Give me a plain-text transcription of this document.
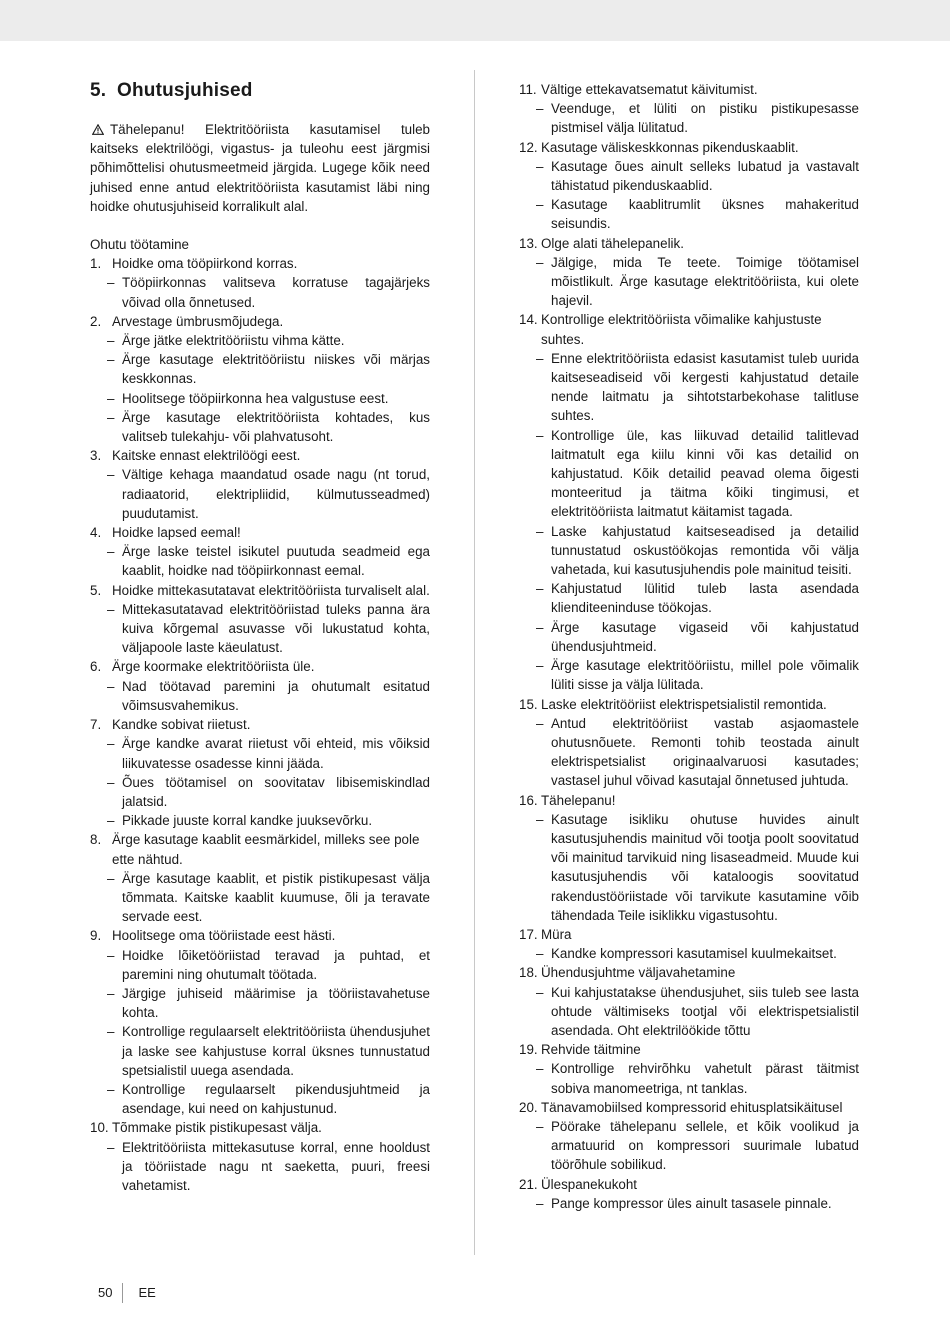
5. Ohutusjuhised

Tähelepanu! Elektritööriista kasutamisel tuleb kaitseks elektrilöögi, vigastus- ja tuleohu eest järgmisi põhimõttelisi ohutusmeetmeid järgida. Lugege kõik need juhised enne antud elektritööriista kasutamist läbi ning hoidke ohutusjuhiseid korralikult alal.

Ohutu töötamine
1. Hoidke oma tööpiirkond korras.
– Tööpiirkonnas valitseva korratuse tagajärjeks võivad olla õnnetused.
2. Arvestage ümbrusmõjudega.
– Ärge jätke elektritööriistu vihma kätte.
– Ärge kasutage elektritööriistu niiskes või märjas keskkonnas.
– Hoolitsege tööpiirkonna hea valgustuse eest.
– Ärge kasutage elektritööriista kohtades, kus valitseb tulekahju- või plahvatusoht.
3. Kaitske ennast elektrilöögi eest.
– Vältige kehaga maandatud osade nagu (nt torud, radiaatorid, elektripliidid, külmutusseadmed) puudutamist.
4. Hoidke lapsed eemal!
– Ärge laske teistel isikutel puutuda seadmeid ega kaablit, hoidke nad tööpiirkonnast eemal.
5. Hoidke mittekasutatavat elektritööriista turvaliselt alal.
– Mittekasutatavad elektritööriistad tuleks panna ära kuiva kõrgemal asuvasse või lukustatud kohta, väljapoole laste käeulatust.
6. Ärge koormake elektritööriista üle.
– Nad töötavad paremini ja ohutumalt esitatud võimsusvahemikus.
7. Kandke sobivat riietust.
– Ärge kandke avarat riietust või ehteid, mis võiksid liikuvatesse osadesse kinni jääda.
– Õues töötamisel on soovitatav libisemiskindlad jalatsid.
– Pikkade juuste korral kandke juuksevõrku.
8. Ärge kasutage kaablit eesmärkidel, milleks see pole ette nähtud.
– Ärge kasutage kaablit, et pistik pistikupesast välja tõmmata. Kaitske kaablit kuumuse, õli ja teravate servade eest.
9. Hoolitsege oma tööriistade eest hästi.
– Hoidke lõiketööriistad teravad ja puhtad, et paremini ning ohutumalt töötada.
– Järgige juhiseid määrimise ja tööriistavahetuse kohta.
– Kontrollige regulaarselt elektritööriista ühendusjuhet ja laske see kahjustuse korral üksnes tunnustatud spetsialistil uuega asendada.
– Kontrollige regulaarselt pikendusjuhtmeid ja asendage, kui need on kahjustunud.
10. Tõmmake pistik pistikupesast välja.
– Elektritööriista mittekasutuse korral, enne hooldust ja tööriistade nagu nt saeketta, puuri, freesi vahetamist.
11. Vältige ettekavatsematut käivitumist.
– Veenduge, et lüliti on pistiku pistikupesasse pistmisel välja lülitatud.
12. Kasutage väliskeskkonnas pikenduskaablit.
– Kasutage õues ainult selleks lubatud ja vastavalt tähistatud pikenduskaablid.
– Kasutage kaablitrumlit üksnes mahakeritud seisundis.
13. Olge alati tähelepanelik.
– Jälgige, mida Te teete. Toimige töötamisel mõistlikult. Ärge kasutage elektritööriista, kui olete hajevil.
14. Kontrollige elektritööriista võimalike kahjustuste suhtes.
– Enne elektritööriista edasist kasutamist tuleb uurida kaitseseadiseid või kergesti kahjustatud detaile nende laitmatu ja sihtotstarbekohase talitluse suhtes.
– Kontrollige üle, kas liikuvad detailid talitlevad laitmatult ega kiilu kinni või kas detailid on kahjustatud. Kõik detailid peavad olema õigesti monteeritud ja täitma kõiki tingimusi, et elektritööriista laitmatut käitamist tagada.
– Laske kahjustatud kaitseseadised ja detailid tunnustatud oskustöökojas remontida või välja vahetada, kui kasutusjuhendis pole mainitud teisiti.
– Kahjustatud lülitid tuleb lasta asendada klienditeeninduse töökojas.
– Ärge kasutage vigaseid või kahjustatud ühendusjuhtmeid.
– Ärge kasutage elektritööriistu, millel pole võimalik lüliti sisse ja välja lülitada.
15. Laske elektritööriist elektrispetsialistil remontida.
– Antud elektritööriist vastab asjaomastele ohutusnõuete. Remonti tohib teostada ainult elektrispetsialist originaalvaruosi kasutades; vastasel juhul võivad kasutajal õnnetused juhtuda.
16. Tähelepanu!
– Kasutage isikliku ohutuse huvides ainult kasutusjuhendis mainitud või tootja poolt soovitatud või mainitud tarvikuid ning lisaseadmeid. Muude kui kasutusjuhendis või kataloogis soovitatud rakendustööriistade või tarvikute kasutamine võib tähendada Teile isiklikku vigastusohtu.
17. Müra
– Kandke kompressori kasutamisel kuulmekaitset.
18. Ühendusjuhtme väljavahetamine
– Kui kahjustatakse ühendusjuhet, siis tuleb see lasta ohtude vältimiseks tootjal või elektrispetsialistil asendada. Oht elektrilöökide tõttu
19. Rehvide täitmine
– Kontrollige rehvirõhku vahetult pärast täitmist sobiva manomeetriga, nt tanklas.
20. Tänavamobiilsed kompressorid ehitusplatsikäitusel
– Pöörake tähelepanu sellele, et kõik voolikud ja armatuurid on kompressori suurimale lubatud töörõhule sobilikud.
21. Ülespanekukoht
– Pange kompressor üles ainult tasasele pinnale.
50	EE
